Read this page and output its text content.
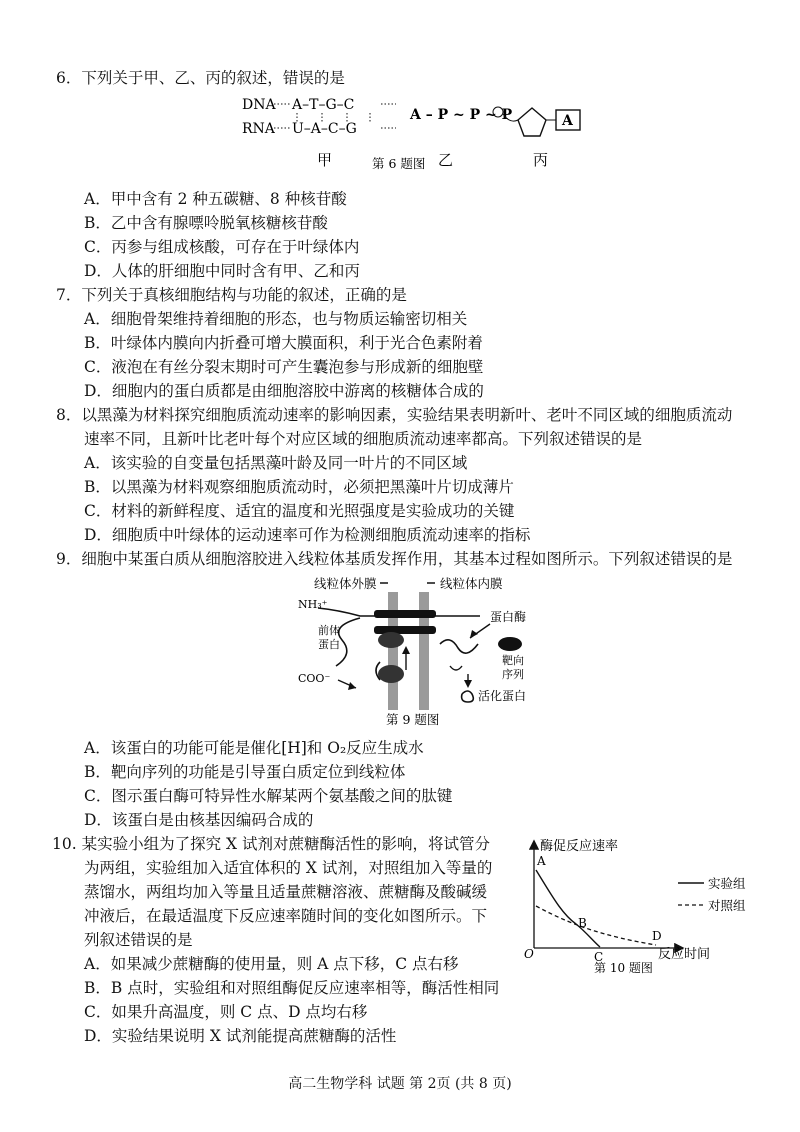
6．下列关于甲、乙、丙的叙述，错误的是
DNA
RNA
A–T–G–C
U–A–C–G
A – P ~ P ~ P	A
甲	第 6 题图 乙	丙
A．甲中含有 2 种五碳糖、8 种核苷酸
B．乙中含有腺嘌呤脱氧核糖核苷酸
C．丙参与组成核酸，可存在于叶绿体内
D．人体的肝细胞中同时含有甲、乙和丙
7．下列关于真核细胞结构与功能的叙述，正确的是
A．细胞骨架维持着细胞的形态，也与物质运输密切相关
B．叶绿体内膜向内折叠可增大膜面积，利于光合色素附着
C．液泡在有丝分裂末期时可产生囊泡参与形成新的细胞壁
D．细胞内的蛋白质都是由细胞溶胶中游离的核糖体合成的
8．以黑藻为材料探究细胞质流动速率的影响因素，实验结果表明新叶、老叶不同区域的细胞质流动
速率不同，且新叶比老叶每个对应区域的细胞质流动速率都高。下列叙述错误的是
A．该实验的自变量包括黑藻叶龄及同一叶片的不同区域
B．以黑藻为材料观察细胞质流动时，必须把黑藻叶片切成薄片
C．材料的新鲜程度、适宜的温度和光照强度是实验成功的关键
D．细胞质中叶绿体的运动速率可作为检测细胞质流动速率的指标
9．细胞中某蛋白质从细胞溶胶进入线粒体基质发挥作用，其基本过程如图所示。下列叙述错误的是
线粒体外膜	线粒体内膜
NH₃⁺
前体
蛋白
COO⁻
蛋白酶
靶向
序列
活化蛋白
第 9 题图
A．该蛋白的功能可能是催化[H]和 O₂反应生成水
B．靶向序列的功能是引导蛋白质定位到线粒体
C．图示蛋白酶可特异性水解某两个氨基酸之间的肽键
D．该蛋白是由核基因编码合成的
10. 某实验小组为了探究 X 试剂对蔗糖酶活性的影响，将试管分
为两组，实验组加入适宜体积的 X 试剂，对照组加入等量的
蒸馏水，两组均加入等量且适量蔗糖溶液、蔗糖酶及酸碱缓
冲液后，在最适温度下反应速率随时间的变化如图所示。下
列叙述错误的是
A．如果减少蔗糖酶的使用量，则 A 点下移，C 点右移
B．B 点时，实验组和对照组酶促反应速率相等，酶活性相同
C．如果升高温度，则 C 点、D 点均右移
D．实验结果说明 X 试剂能提高蔗糖酶的活性
酶促反应速率
O	反应时间
A
B
C
D
实验组
对照组
第 10 题图
高二生物学科 试题 第 2页 (共 8 页)
